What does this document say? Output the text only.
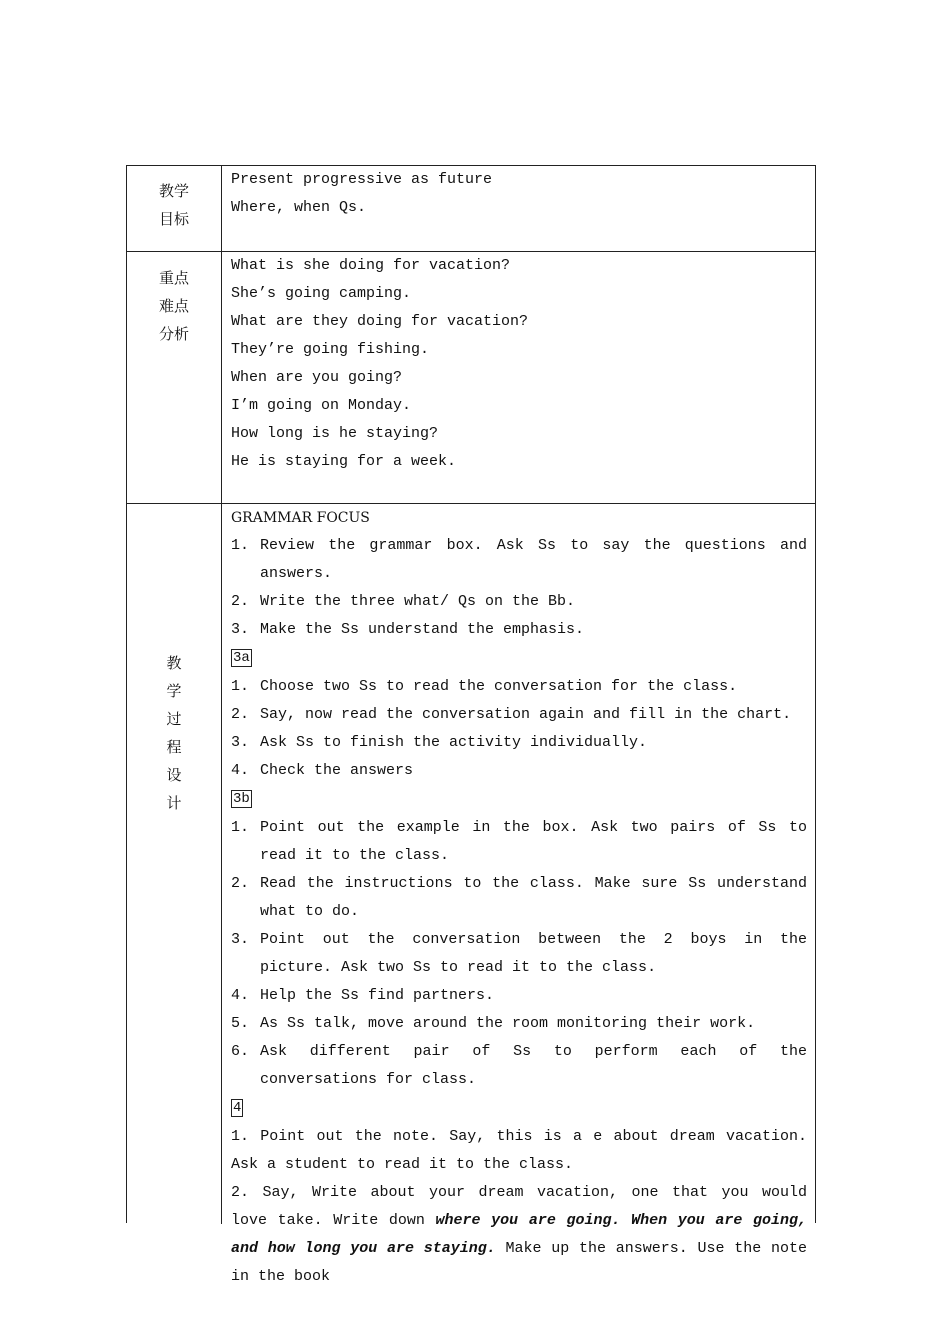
教学
目标
Present progressive as future
Where, when Qs.
重点
难点
分析
What is she doing for vacation?
She’s going camping.
What are they doing for vacation?
They’re going fishing.
When are you going?
I’m going on Monday.
How long is he staying?
He is staying for a week.
教
学
过
程
设
计
GRAMMAR FOCUS
1. Review the grammar box. Ask Ss to say the questions and answers.
2. Write the three what/ Qs on the Bb.
3. Make the Ss understand the emphasis.
3a
1. Choose two Ss to read the conversation for the class.
2. Say, now read the conversation again and fill in the chart.
3. Ask Ss to finish the activity individually.
4. Check the answers
3b
1. Point out the example in the box. Ask two pairs of Ss to read it to the class.
2. Read the instructions to the class. Make sure Ss understand what to do.
3. Point out the conversation between the 2 boys in the picture. Ask two Ss to read it to the class.
4. Help the Ss find partners.
5. As Ss talk, move around the room monitoring their work.
6. Ask different pair of Ss to perform each of the conversations for class.
4
1. Point out the note. Say, this is a e about dream vacation. Ask a student to read it to the class.
2. Say, Write about your dream vacation, one that you would love take. Write down where you are going. When you are going, and how long you are staying. Make up the answers. Use the note in the book
